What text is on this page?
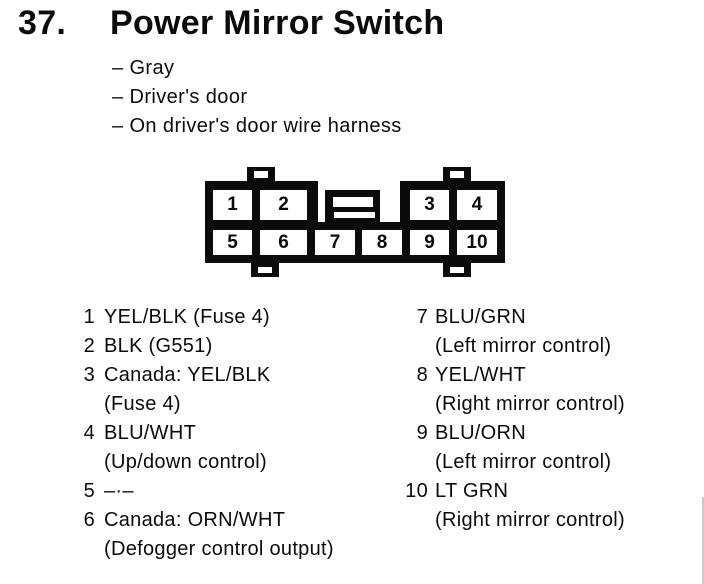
37. Power Mirror Switch
– Gray
– Driver's door
– On driver's door wire harness
1	2	3	4
5	6	7	8	9	10
1 YEL/BLK (Fuse 4)
2 BLK (G551)
3 Canada: YEL/BLK
(Fuse 4)
4 BLU/WHT
(Up/down control)
5 –·–
6 Canada: ORN/WHT
(Defogger control output)
7 BLU/GRN
(Left mirror control)
8 YEL/WHT
(Right mirror control)
9 BLU/ORN
(Left mirror control)
10 LT GRN
(Right mirror control)
